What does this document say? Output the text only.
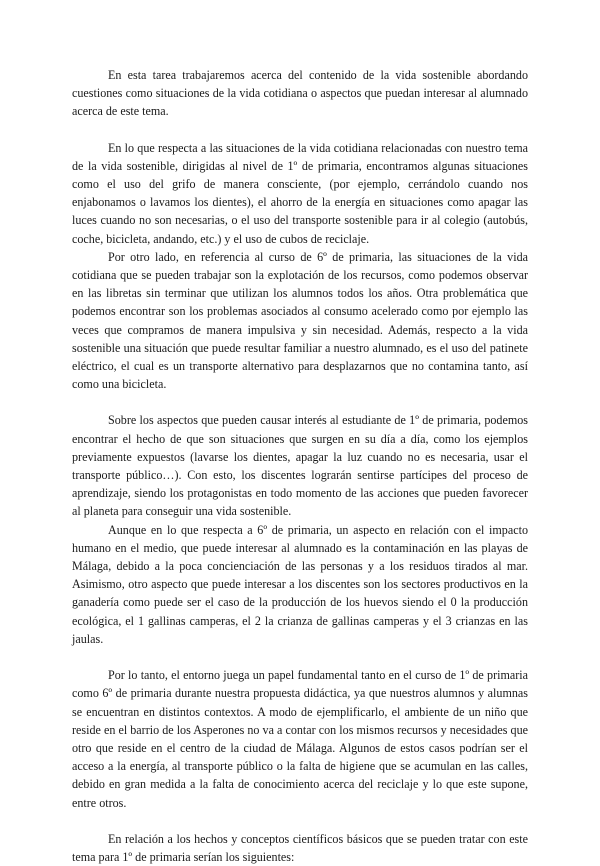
En esta tarea trabajaremos acerca del contenido de la vida sostenible abordando cuestiones como situaciones de la vida cotidiana o aspectos que puedan interesar al alumnado acerca de este tema.

En lo que respecta a las situaciones de la vida cotidiana relacionadas con nuestro tema de la vida sostenible, dirigidas al nivel de 1º de primaria, encontramos algunas situaciones como el uso del grifo de manera consciente, (por ejemplo, cerrándolo cuando nos enjabonamos o lavamos los dientes), el ahorro de la energía en situaciones como apagar las luces cuando no son necesarias, o el uso del transporte sostenible para ir al colegio (autobús, coche, bicicleta, andando, etc.) y el uso de cubos de reciclaje.

Por otro lado, en referencia al curso de 6º de primaria, las situaciones de la vida cotidiana que se pueden trabajar son la explotación de los recursos, como podemos observar en las libretas sin terminar que utilizan los alumnos todos los años. Otra problemática que podemos encontrar son los problemas asociados al consumo acelerado como por ejemplo las veces que compramos de manera impulsiva y sin necesidad. Además, respecto a la vida sostenible una situación que puede resultar familiar a nuestro alumnado, es el uso del patinete eléctrico, el cual es un transporte alternativo para desplazarnos que no contamina tanto, así como una bicicleta.

Sobre los aspectos que pueden causar interés al estudiante de 1º de primaria, podemos encontrar el hecho de que son situaciones que surgen en su día a día, como los ejemplos previamente expuestos (lavarse los dientes, apagar la luz cuando no es necesaria, usar el transporte público…). Con esto, los discentes lograrán sentirse partícipes del proceso de aprendizaje, siendo los protagonistas en todo momento de las acciones que pueden favorecer al planeta para conseguir una vida sostenible.

Aunque en lo que respecta a 6º de primaria, un aspecto en relación con el impacto humano en el medio, que puede interesar al alumnado es la contaminación en las playas de Málaga, debido a la poca concienciación de las personas y a los residuos tirados al mar. Asimismo, otro aspecto que puede interesar a los discentes son los sectores productivos en la ganadería como puede ser el caso de la producción de los huevos siendo el 0 la producción ecológica, el 1 gallinas camperas, el 2 la crianza de gallinas camperas y el 3 crianzas en las jaulas.

Por lo tanto, el entorno juega un papel fundamental tanto en el curso de 1º de primaria como 6º de primaria durante nuestra propuesta didáctica, ya que nuestros alumnos y alumnas se encuentran en distintos contextos. A modo de ejemplificarlo, el ambiente de un niño que reside en el barrio de los Asperones no va a contar con los mismos recursos y necesidades que otro que reside en el centro de la ciudad de Málaga. Algunos de estos casos podrían ser el acceso a la energía, al transporte público o la falta de higiene que se acumulan en las calles, debido en gran medida a la falta de conocimiento acerca del reciclaje y lo que este supone, entre otros.

En relación a los hechos y conceptos científicos básicos que se pueden tratar con este tema para 1º de primaria serían los siguientes:
